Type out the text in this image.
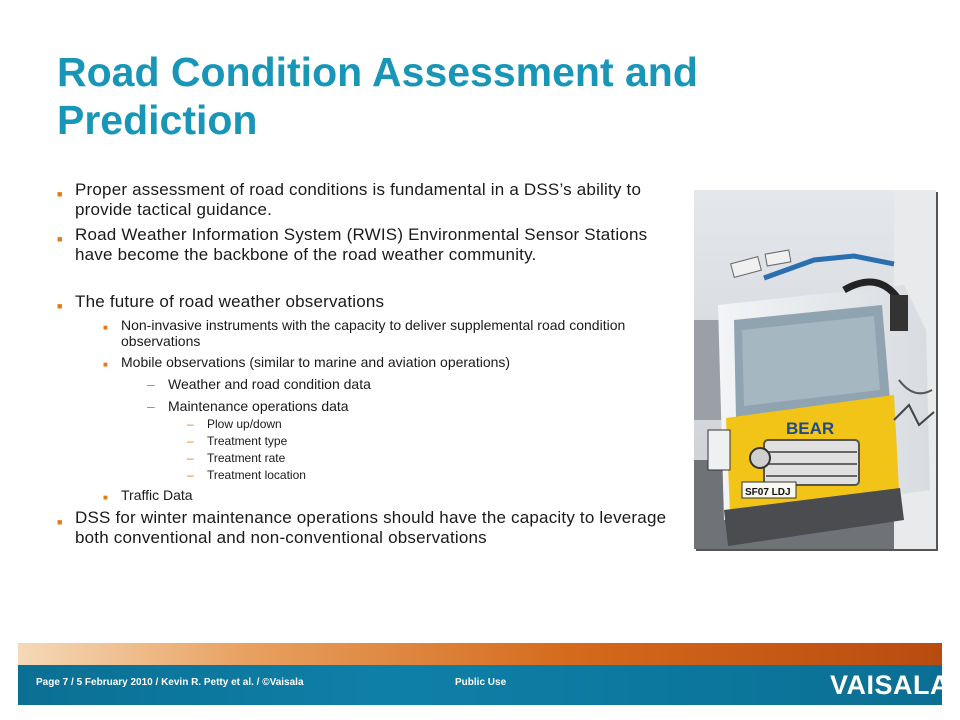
Road Condition Assessment and Prediction
■ Proper assessment of road conditions is fundamental in a DSS’s ability to provide tactical guidance.
■ Road Weather Information System (RWIS) Environmental Sensor Stations have become the backbone of the road weather community.
■ The future of road weather observations
■ Non-invasive instruments with the capacity to deliver supplemental road condition observations
■ Mobile observations (similar to marine and aviation operations)
– Weather and road condition data
– Maintenance operations data
– Plow up/down
– Treatment type
– Treatment rate
– Treatment location
■ Traffic Data
■ DSS for winter maintenance operations should have the capacity to leverage both conventional and non-conventional observations
BEAR
SF07 LDJ
Page 7 / 5 February 2010 / Kevin R. Petty et al. / ©Vaisala	Public Use	VAISALA
